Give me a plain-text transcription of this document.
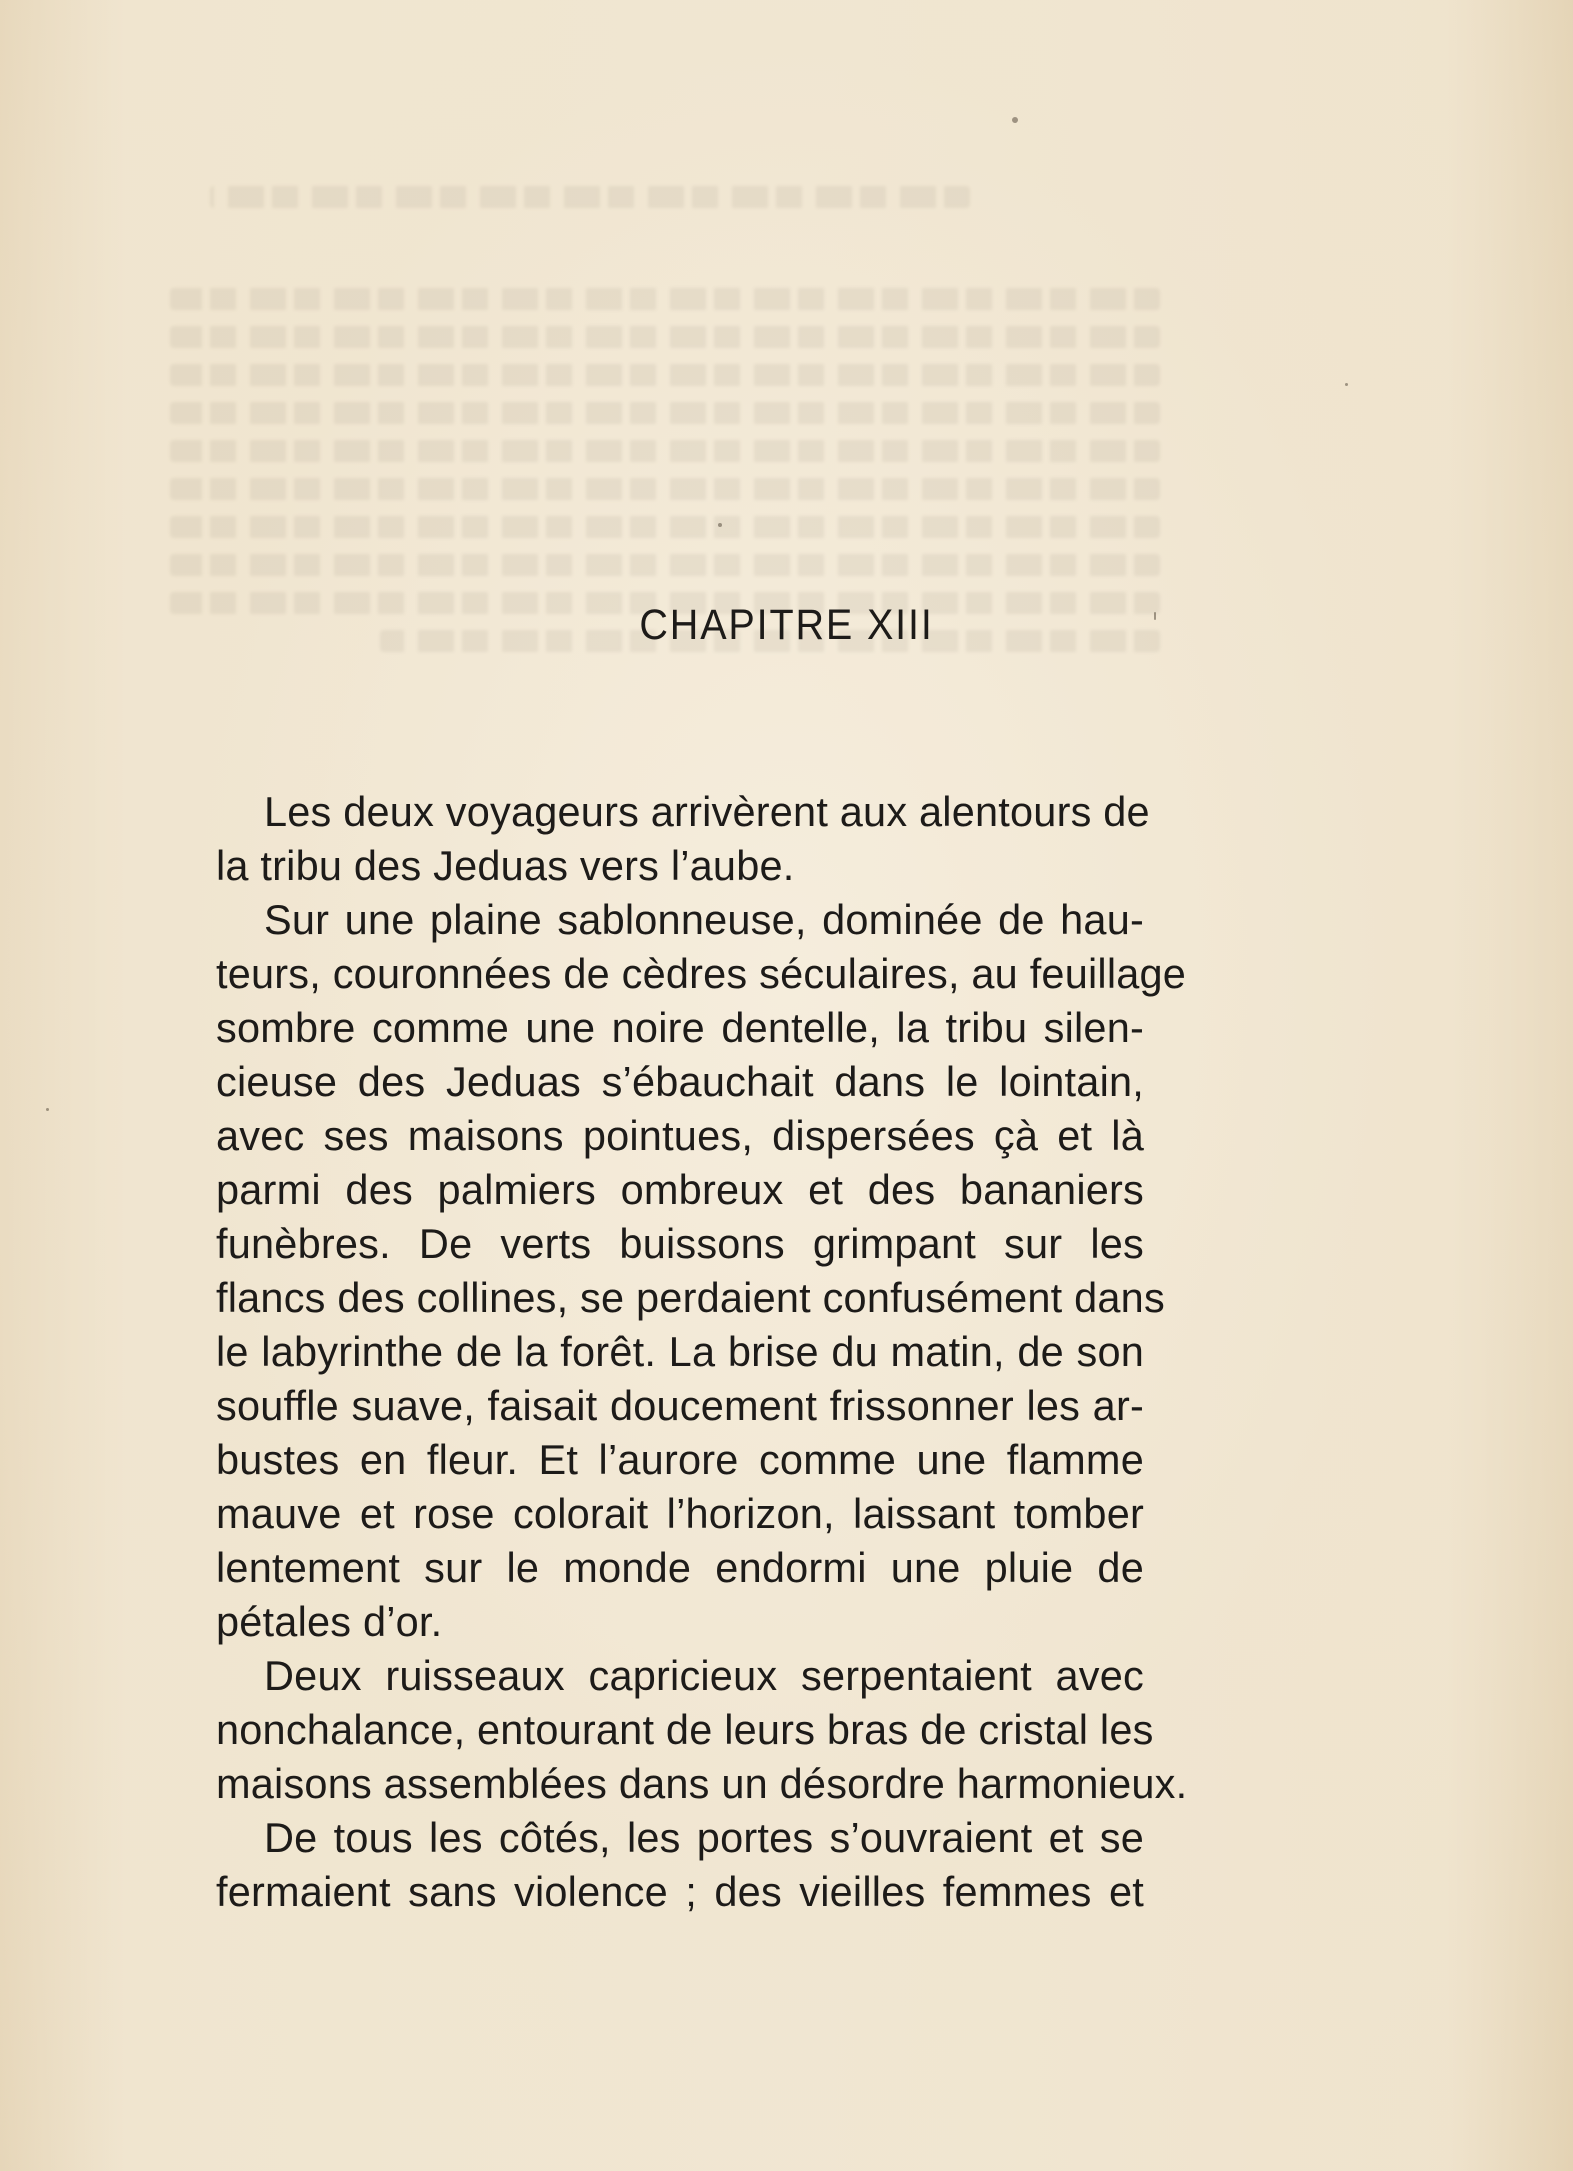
CHAPITRE XIII
Les deux voyageurs arrivèrent aux alentours de
la tribu des Jeduas vers l’aube.
Sur une plaine sablonneuse, dominée de hau-
teurs, couronnées de cèdres séculaires, au feuillage
sombre comme une noire dentelle, la tribu silen-
cieuse des Jeduas s’ébauchait dans le lointain,
avec ses maisons pointues, dispersées çà et là
parmi des palmiers ombreux et des bananiers
funèbres. De verts buissons grimpant sur les
flancs des collines, se perdaient confusément dans
le labyrinthe de la forêt. La brise du matin, de son
souffle suave, faisait doucement frissonner les ar-
bustes en fleur. Et l’aurore comme une flamme
mauve et rose colorait l’horizon, laissant tomber
lentement sur le monde endormi une pluie de
pétales d’or.
Deux ruisseaux capricieux serpentaient avec
nonchalance, entourant de leurs bras de cristal les
maisons assemblées dans un désordre harmonieux.
De tous les côtés, les portes s’ouvraient et se
fermaient sans violence ; des vieilles femmes et
